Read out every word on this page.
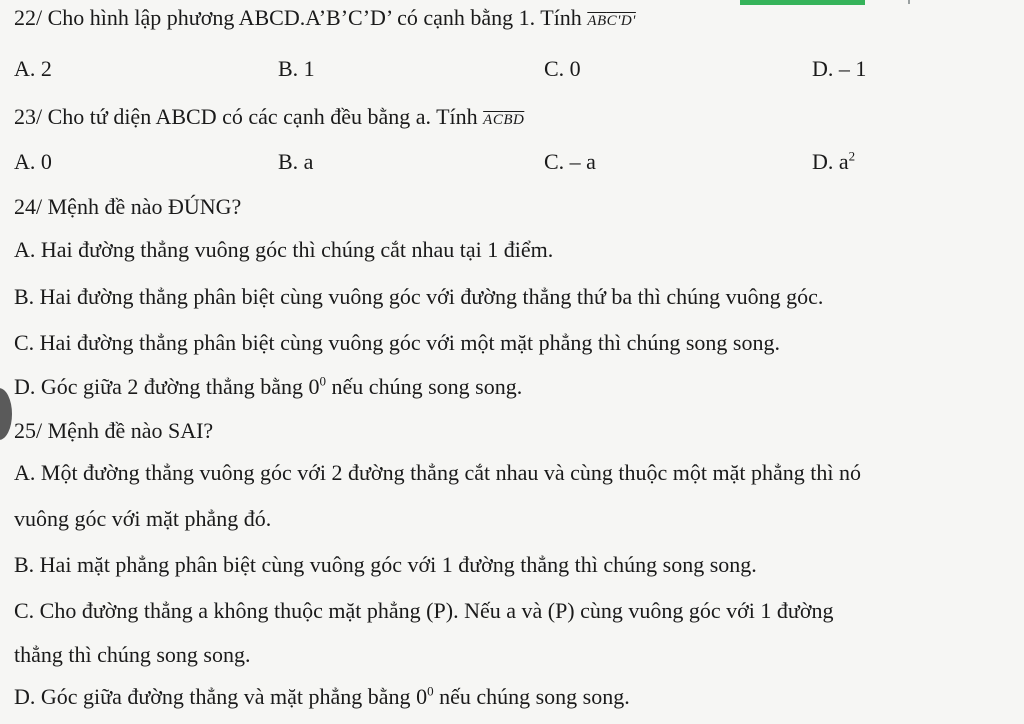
22/ Cho hình lập phương ABCD.A’B’C’D’ có cạnh bằng 1. Tính $\overline{AB}C'D'$
A. 2	B. 1	C. 0	D. – 1
23/ Cho tứ diện ABCD có các cạnh đều bằng a. Tính $\overline{AC}\overline{BD}$
A. 0	B. a	C. – a	D. $a^2$
24/ Mệnh đề nào ĐÚNG?
A. Hai đường thẳng vuông góc thì chúng cắt nhau tại 1 điểm.
B. Hai đường thẳng phân biệt cùng vuông góc với đường thẳng thứ ba thì chúng vuông góc.
C. Hai đường thẳng phân biệt cùng vuông góc với một mặt phẳng thì chúng song song.
D. Góc giữa 2 đường thẳng bằng $0^0$ nếu chúng song song.
25/ Mệnh đề nào SAI?
A. Một đường thẳng vuông góc với 2 đường thẳng cắt nhau và cùng thuộc một mặt phẳng thì nó
vuông góc với mặt phẳng đó.
B. Hai mặt phẳng phân biệt cùng vuông góc với 1 đường thẳng thì chúng song song.
C. Cho đường thẳng a không thuộc mặt phẳng (P). Nếu a và (P) cùng vuông góc với 1 đường
thẳng thì chúng song song.
D. Góc giữa đường thẳng và mặt phẳng bằng $0^0$ nếu chúng song song.
